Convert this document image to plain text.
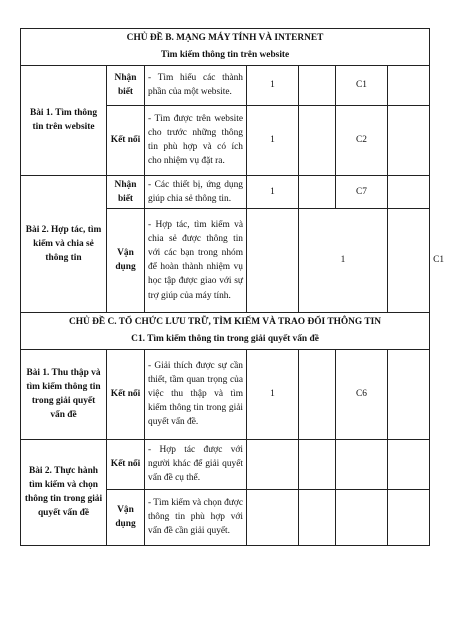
CHỦ ĐỀ B. MẠNG MÁY TÍNH VÀ INTERNET
Tìm kiếm thông tin trên website							

Bài 1. Tìm thông tin trên website	Nhận biết	- Tìm hiểu các thành phần của một website.	1		C1		
	Kết nối	- Tìm được trên website cho trước những thông tin phù hợp và có ích cho nhiệm vụ đặt ra.	1		C2		
Bài 2. Hợp tác, tìm kiếm và chia sẻ thông tin	Nhận biết	- Các thiết bị, ứng dụng giúp chia sẻ thông tin.	1		C7		
	Vận dụng	- Hợp tác, tìm kiếm và chia sẻ được thông tin với các bạn trong nhóm để hoàn thành nhiệm vụ học tập được giao với sự trợ giúp của máy tính.		1			C1

CHỦ ĐỀ C. TỔ CHỨC LƯU TRỮ, TÌM KIẾM VÀ TRAO ĐỔI THÔNG TIN
C1. Tìm kiếm thông tin trong giải quyết vấn đề							

Bài 1. Thu thập và tìm kiếm thông tin trong giải quyết vấn đề	Kết nối	- Giải thích được sự cần thiết, tầm quan trọng của việc thu thập và tìm kiếm thông tin trong giải quyết vấn đề.	1		C6		
Bài 2. Thực hành tìm kiếm và chọn thông tin trong giải quyết vấn đề	Kết nối	- Hợp tác được với người khác để giải quyết vấn đề cụ thể.					
	Vận dụng	- Tìm kiếm và chọn được thông tin phù hợp với vấn đề cần giải quyết.					
